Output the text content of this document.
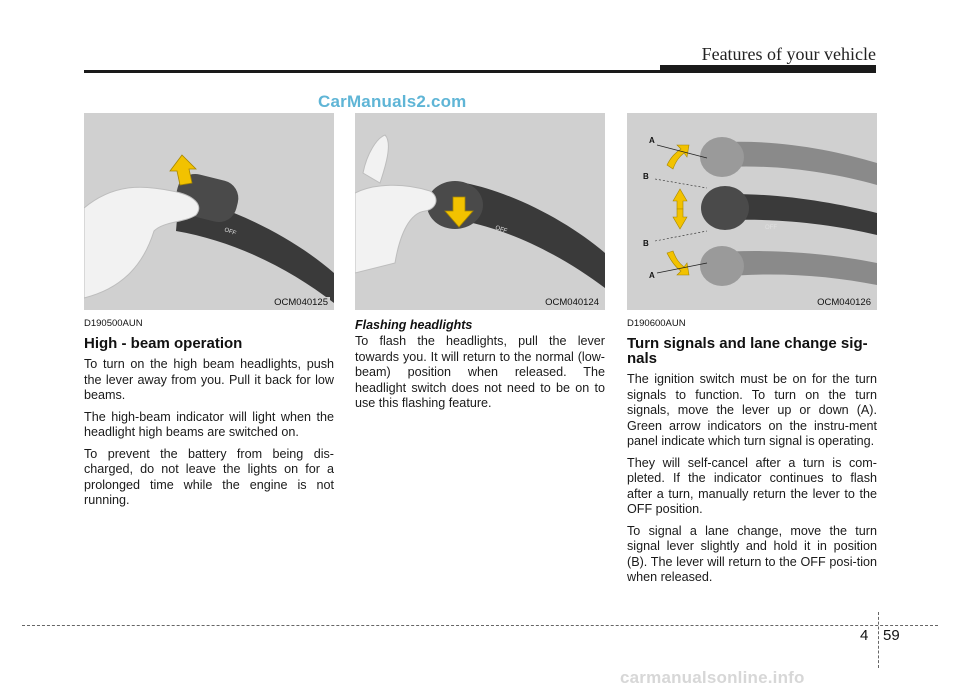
Features of your vehicle
CarManuals2.com
OFF
OCM040125
OFF
OCM040124
OFF
A
B
B
A
OCM040126
D190500AUN
High - beam operation

To turn on the high beam headlights, push the lever away from you. Pull it back for low beams.

The high-beam indicator will light when the headlight high beams are switched on.

To prevent the battery from being dis-charged, do not leave the lights on for a prolonged time while the engine is not running.

Flashing headlights

To flash the headlights, pull the lever towards you. It will return to the normal (low-beam) position when released. The headlight switch does not need to be on to use this flashing feature.

D190600AUN
Turn signals and lane change sig-nals

The ignition switch must be on for the turn signals to function. To turn on the turn signals, move the lever up or down (A). Green arrow indicators on the instru-ment panel indicate which turn signal is operating.

They will self-cancel after a turn is com-pleted. If the indicator continues to flash after a turn, manually return the lever to the OFF position.

To signal a lane change, move the turn signal lever slightly and hold it in position (B). The lever will return to the OFF posi-tion when released.

4 59
carmanualsonline.info
